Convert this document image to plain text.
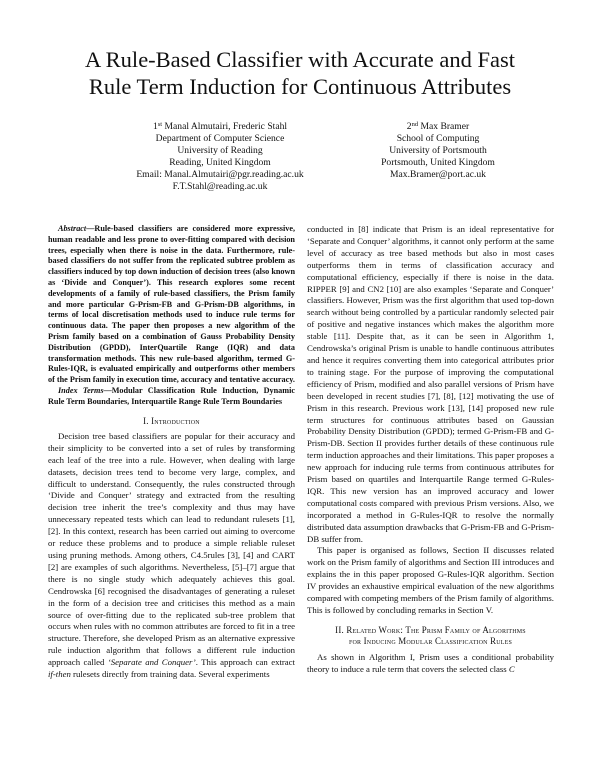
A Rule-Based Classifier with Accurate and Fast
Rule Term Induction for Continuous Attributes
1st Manal Almutairi, Frederic Stahl
Department of Computer Science
University of Reading
Reading, United Kingdom
Email: Manal.Almutairi@pgr.reading.ac.uk
F.T.Stahl@reading.ac.uk
2nd Max Bramer
School of Computing
University of Portsmouth
Portsmouth, United Kingdom
Max.Bramer@port.ac.uk

Abstract—Rule-based classifiers are considered more expressive, human readable and less prone to over-fitting compared with decision trees, especially when there is noise in the data. Furthermore, rule-based classifiers do not suffer from the replicated subtree problem as classifiers induced by top down induction of decision trees (also known as ‘Divide and Conquer’). This research explores some recent developments of a family of rule-based classifiers, the Prism family and more particular G-Prism-FB and G-Prism-DB algorithms, in terms of local discretisation methods used to induce rule terms for continuous data. The paper then proposes a new algorithm of the Prism family based on a combination of Gauss Probability Density Distribution (GPDD), InterQuartile Range (IQR) and data transformation methods. This new rule-based algorithm, termed G-Rules-IQR, is evaluated empirically and outperforms other members of the Prism family in execution time, accuracy and tentative accuracy.

Index Terms—Modular Classification Rule Induction, Dynamic Rule Term Boundaries, Interquartile Range Rule Term Boundaries

I. Introduction

Decision tree based classifiers are popular for their accuracy and their simplicity to be converted into a set of rules by transforming each leaf of the tree into a rule. However, when dealing with large datasets, decision trees tend to become very large, complex, and difficult to understand. Consequently, the rules constructed through ‘Divide and Conquer’ strategy and extracted from the resulting decision tree inherit the tree’s complexity and thus may have unnecessary repeated tests which can lead to redundant rulesets [1], [2]. In this context, research has been carried out aiming to overcome or reduce these problems and to produce a simple reliable ruleset using pruning methods. Among others, C4.5rules [3], [4] and CART [2] are examples of such algorithms. Nevertheless, [5]–[7] argue that there is no single study which adequately achieves this goal. Cendrowska [6] recognised the disadvantages of generating a ruleset in the form of a decision tree and criticises this method as a main source of over-fitting due to the replicated sub-tree problem that occurs when rules with no common attributes are forced to fit in a tree structure. Therefore, she developed Prism as an alternative expressive rule induction algorithm that follows a different rule induction approach called ‘Separate and Conquer’. This approach can extract if-then rulesets directly from training data. Several experiments

conducted in [8] indicate that Prism is an ideal representative for ‘Separate and Conquer’ algorithms, it cannot only perform at the same level of accuracy as tree based methods but also in most cases outperforms them in terms of classification accuracy and computational efficiency, especially if there is noise in the data. RIPPER [9] and CN2 [10] are also examples ‘Separate and Conquer’ classifiers. However, Prism was the first algorithm that used top-down search without being controlled by a particular randomly selected pair of positive and negative instances which makes the algorithm more stable [11]. Despite that, as it can be seen in Algorithm 1, Cendrowska’s original Prism is unable to handle continuous attributes and hence it requires converting them into categorical attributes prior to training stage. For the purpose of improving the computational efficiency of Prism, modified and also parallel versions of Prism have been developed in recent studies [7], [8], [12] motivating the use of Prism in this research. Previous work [13], [14] proposed new rule term structures for continuous attributes based on Gaussian Probability Density Distribution (GPDD); termed G-Prism-FB and G-Prism-DB. Section II provides further details of these continuous rule term induction approaches and their limitations. This paper proposes a new approach for inducing rule terms from continuous attributes for Prism based on quartiles and Interquartile Range termed G-Rules-IQR. This new version has an improved accuracy and lower computational costs compared with previous Prism versions. Also, we incorporated a method in G-Rules-IQR to resolve the normally distributed data assumption drawbacks that G-Prism-FB and G-Prism-DB suffer from.

This paper is organised as follows, Section II discusses related work on the Prism family of algorithms and Section III introduces and explains the in this paper proposed G-Rules-IQR algorithm. Section IV provides an exhaustive empirical evaluation of the new algorithms compared with competing members of the Prism family of algorithms. This is followed by concluding remarks in Section V.

II. Related Work: The Prism Family of Algorithms
for Inducing Modular Classification Rules

As shown in Algorithm I, Prism uses a conditional probability theory to induce a rule term that covers the selected class C
